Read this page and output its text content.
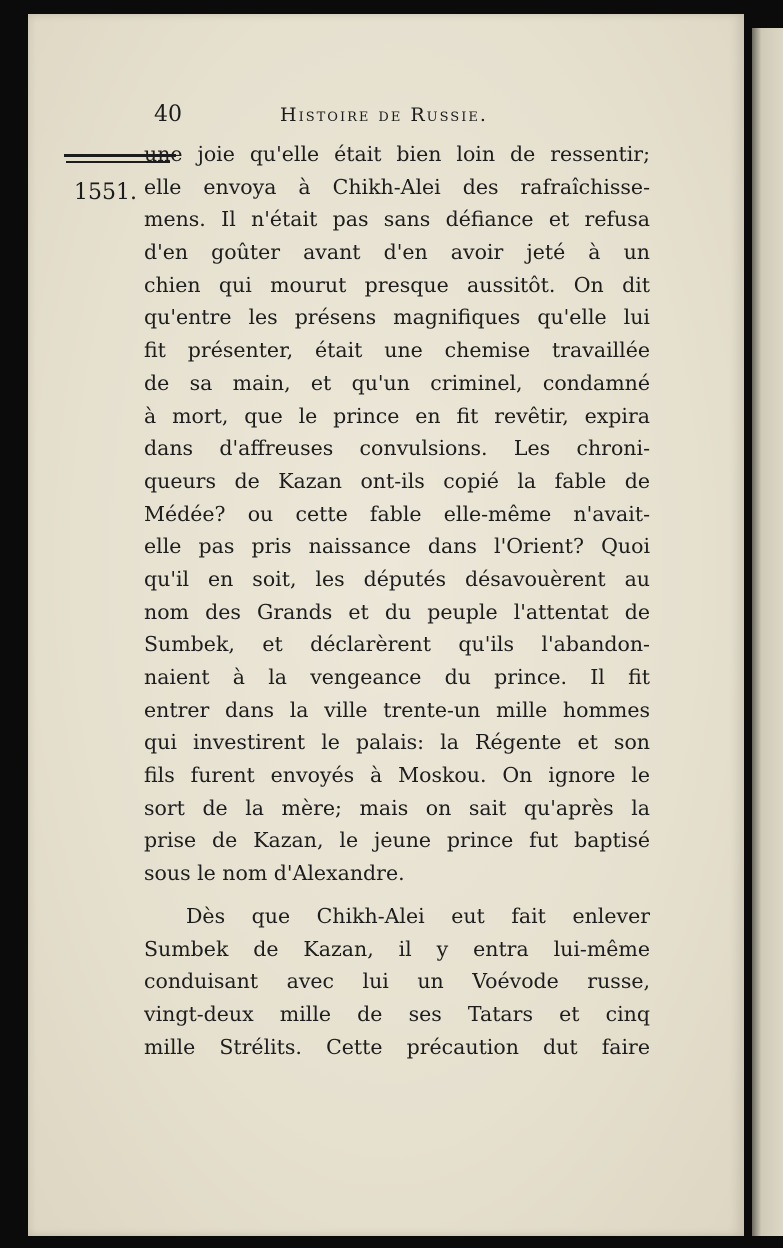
40	Histoire de Russie.
1551.
une joie qu'elle était bien loin de ressentir;
elle envoya à Chikh-Alei des rafraîchisse-
mens. Il n'était pas sans défiance et refusa
d'en goûter avant d'en avoir jeté à un
chien qui mourut presque aussitôt. On dit
qu'entre les présens magnifiques qu'elle lui
fit présenter, était une chemise travaillée
de sa main, et qu'un criminel, condamné
à mort, que le prince en fit revêtir, expira
dans d'affreuses convulsions. Les chroni-
queurs de Kazan ont-ils copié la fable de
Médée? ou cette fable elle-même n'avait-
elle pas pris naissance dans l'Orient? Quoi
qu'il en soit, les députés désavouèrent au
nom des Grands et du peuple l'attentat de
Sumbek, et déclarèrent qu'ils l'abandon-
naient à la vengeance du prince. Il fit
entrer dans la ville trente-un mille hommes
qui investirent le palais: la Régente et son
fils furent envoyés à Moskou. On ignore le
sort de la mère; mais on sait qu'après la
prise de Kazan, le jeune prince fut baptisé
sous le nom d'Alexandre.
Dès que Chikh-Alei eut fait enlever
Sumbek de Kazan, il y entra lui-même
conduisant avec lui un Voévode russe,
vingt-deux mille de ses Tatars et cinq
mille Strélits. Cette précaution dut faire
